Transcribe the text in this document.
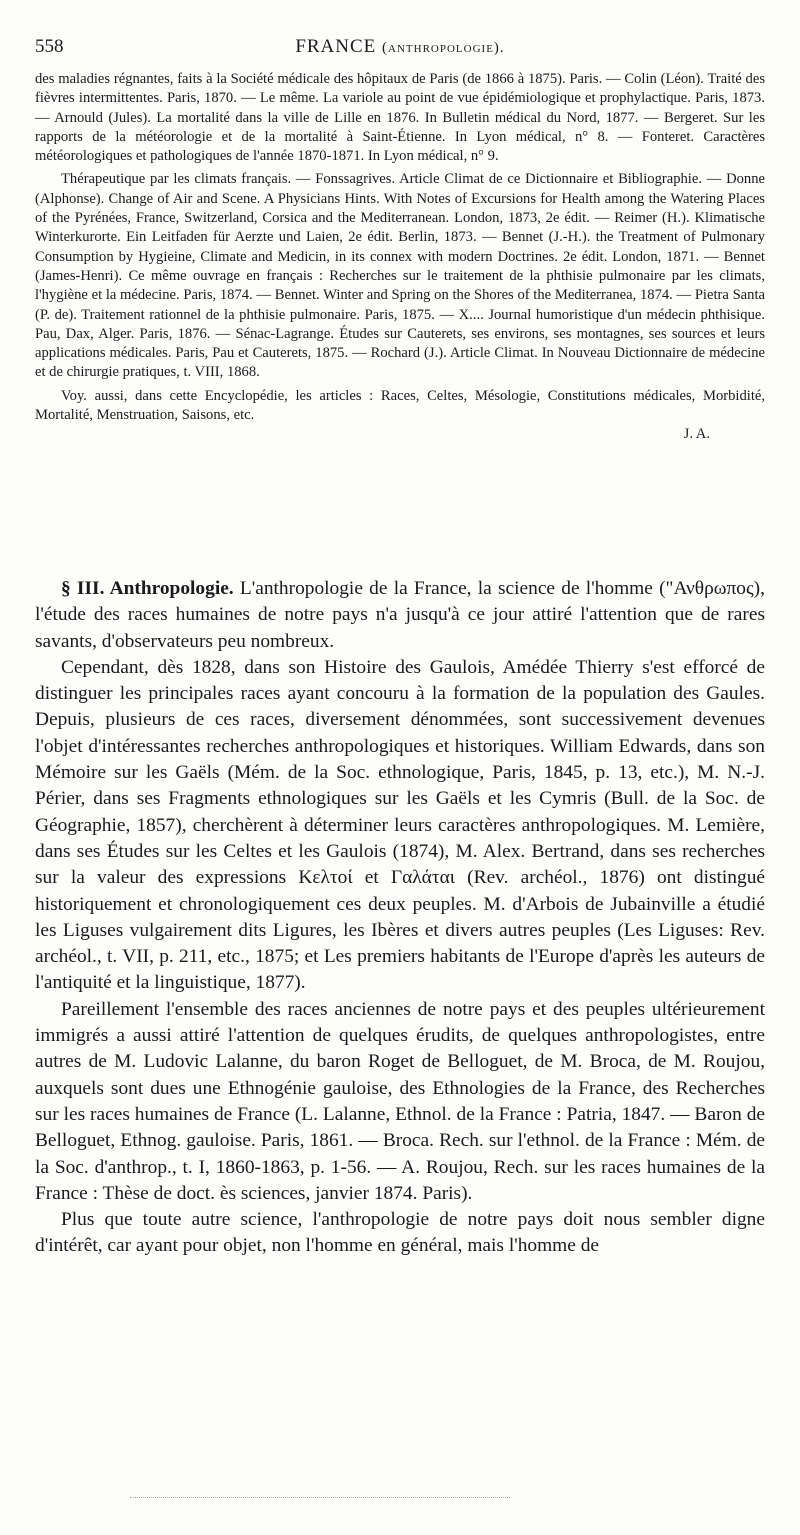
558	FRANCE ( anthropologie ).

des maladies régnantes, faits à la Société médicale des hôpitaux de Paris (de 1866 à 1875). Paris. — Colin (Léon). Traité des fièvres intermittentes. Paris, 1870. — Le même. La variole au point de vue épidémiologique et prophylactique. Paris, 1873. — Arnould (Jules). La mortalité dans la ville de Lille en 1876. In Bulletin médical du Nord, 1877. — Bergeret. Sur les rapports de la météorologie et de la mortalité à Saint-Étienne. In Lyon médical, n° 8. — Fonteret. Caractères météorologiques et pathologiques de l'année 1870-1871. In Lyon médical, n° 9.

Thérapeutique par les climats français. — Fonssagrives. Article Climat de ce Dictionnaire et Bibliographie. — Donne (Alphonse). Change of Air and Scene. A Physicians Hints. With Notes of Excursions for Health among the Watering Places of the Pyrénées, France, Switzerland, Corsica and the Mediterranean. London, 1873, 2e édit. — Reimer (H.). Klimatische Winterkurorte. Ein Leitfaden für Aerzte und Laien, 2e édit. Berlin, 1873. — Bennet (J.-H.). the Treatment of Pulmonary Consumption by Hygieine, Climate and Medicin, in its connex with modern Doctrines. 2e édit. London, 1871. — Bennet (James-Henri). Ce même ouvrage en français : Recherches sur le traitement de la phthisie pulmonaire par les climats, l'hygiène et la médecine. Paris, 1874. — Bennet. Winter and Spring on the Shores of the Mediterranea, 1874. — Pietra Santa (P. de). Traitement rationnel de la phthisie pulmonaire. Paris, 1875. — X.... Journal humoristique d'un médecin phthisique. Pau, Dax, Alger. Paris, 1876. — Sénac-Lagrange. Études sur Cauterets, ses environs, ses montagnes, ses sources et leurs applications médicales. Paris, Pau et Cauterets, 1875. — Rochard (J.). Article Climat. In Nouveau Dictionnaire de médecine et de chirurgie pratiques, t. VIII, 1868.

Voy. aussi, dans cette Encyclopédie, les articles : Races, Celtes, Mésologie, Constitutions médicales, Morbidité, Mortalité, Menstruation, Saisons, etc.

J. A.

§ III. Anthropologie. L'anthropologie de la France, la science de l'homme ("Ανθρωπος), l'étude des races humaines de notre pays n'a jusqu'à ce jour attiré l'attention que de rares savants, d'observateurs peu nombreux.

Cependant, dès 1828, dans son Histoire des Gaulois, Amédée Thierry s'est efforcé de distinguer les principales races ayant concouru à la formation de la population des Gaules. Depuis, plusieurs de ces races, diversement dénommées, sont successivement devenues l'objet d'intéressantes recherches anthropologiques et historiques. William Edwards, dans son Mémoire sur les Gaëls (Mém. de la Soc. ethnologique, Paris, 1845, p. 13, etc.), M. N.-J. Périer, dans ses Fragments ethnologiques sur les Gaëls et les Cymris (Bull. de la Soc. de Géographie, 1857), cherchèrent à déterminer leurs caractères anthropologiques. M. Lemière, dans ses Études sur les Celtes et les Gaulois (1874), M. Alex. Bertrand, dans ses recherches sur la valeur des expressions Κελτοί et Γαλάται (Rev. archéol., 1876) ont distingué historiquement et chronologiquement ces deux peuples. M. d'Arbois de Jubainville a étudié les Liguses vulgairement dits Ligures, les Ibères et divers autres peuples (Les Liguses: Rev. archéol., t. VII, p. 211, etc., 1875; et Les premiers habitants de l'Europe d'après les auteurs de l'antiquité et la linguistique, 1877).

Pareillement l'ensemble des races anciennes de notre pays et des peuples ultérieurement immigrés a aussi attiré l'attention de quelques érudits, de quelques anthropologistes, entre autres de M. Ludovic Lalanne, du baron Roget de Belloguet, de M. Broca, de M. Roujou, auxquels sont dues une Ethnogénie gauloise, des Ethnologies de la France, des Recherches sur les races humaines de France (L. Lalanne, Ethnol. de la France : Patria, 1847. — Baron de Belloguet, Ethnog. gauloise. Paris, 1861. — Broca. Rech. sur l'ethnol. de la France : Mém. de la Soc. d'anthrop., t. I, 1860-1863, p. 1-56. — A. Roujou, Rech. sur les races humaines de la France : Thèse de doct. ès sciences, janvier 1874. Paris).

Plus que toute autre science, l'anthropologie de notre pays doit nous sembler digne d'intérêt, car ayant pour objet, non l'homme en général, mais l'homme de
